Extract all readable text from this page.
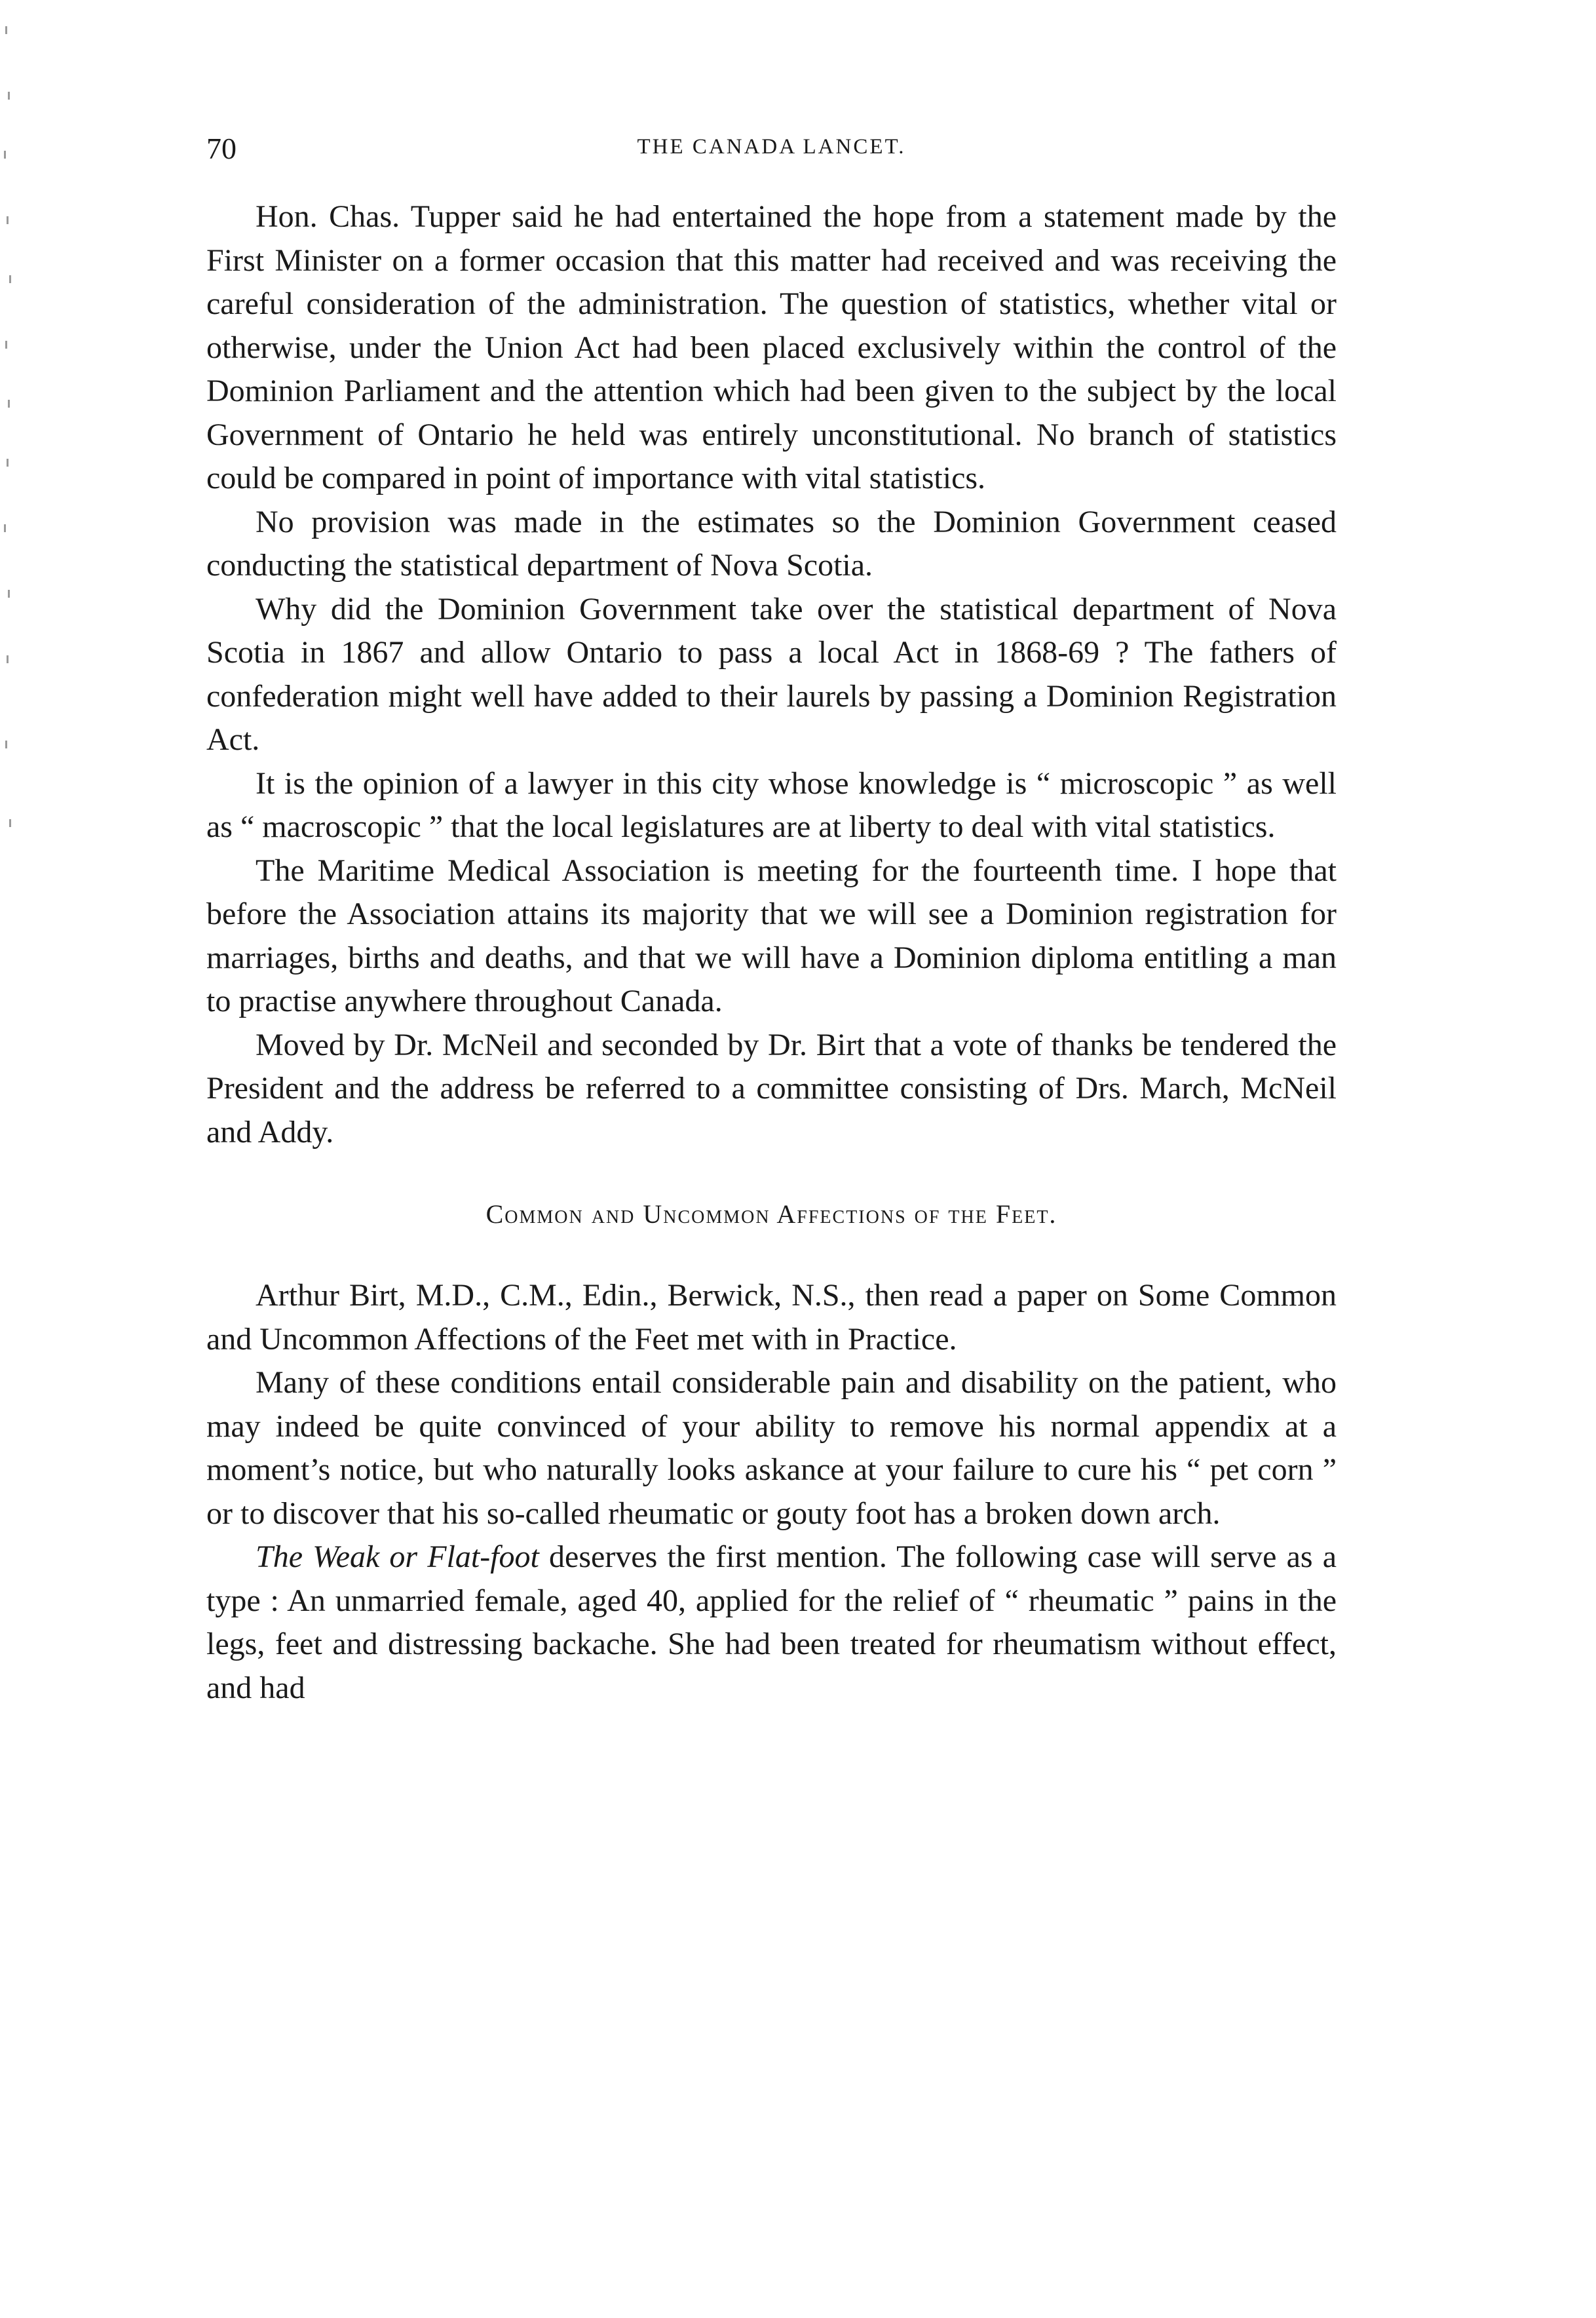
70	THE CANADA LANCET.

Hon. Chas. Tupper said he had entertained the hope from a statement made by the First Minister on a former occasion that this matter had received and was receiving the careful consideration of the administration. The question of statistics, whether vital or otherwise, under the Union Act had been placed exclusively within the control of the Dominion Parliament and the attention which had been given to the subject by the local Government of Ontario he held was entirely unconstitutional. No branch of statistics could be compared in point of importance with vital statistics.

No provision was made in the estimates so the Dominion Government ceased conducting the statistical department of Nova Scotia.

Why did the Dominion Government take over the statistical department of Nova Scotia in 1867 and allow Ontario to pass a local Act in 1868-69 ? The fathers of confederation might well have added to their laurels by passing a Dominion Registration Act.

It is the opinion of a lawyer in this city whose knowledge is “ microscopic ” as well as “ macroscopic ” that the local legislatures are at liberty to deal with vital statistics.

The Maritime Medical Association is meeting for the fourteenth time. I hope that before the Association attains its majority that we will see a Dominion registration for marriages, births and deaths, and that we will have a Dominion diploma entitling a man to practise anywhere throughout Canada.

Moved by Dr. McNeil and seconded by Dr. Birt that a vote of thanks be tendered the President and the address be referred to a committee consisting of Drs. March, McNeil and Addy.

Common and Uncommon Affections of the Feet.

Arthur Birt, M.D., C.M., Edin., Berwick, N.S., then read a paper on Some Common and Uncommon Affections of the Feet met with in Practice.

Many of these conditions entail considerable pain and disability on the patient, who may indeed be quite convinced of your ability to remove his normal appendix at a moment’s notice, but who naturally looks askance at your failure to cure his “ pet corn ” or to discover that his so-called rheumatic or gouty foot has a broken down arch.

The Weak or Flat-foot deserves the first mention. The following case will serve as a type : An unmarried female, aged 40, applied for the relief of “ rheumatic ” pains in the legs, feet and distressing backache. She had been treated for rheumatism without effect, and had
